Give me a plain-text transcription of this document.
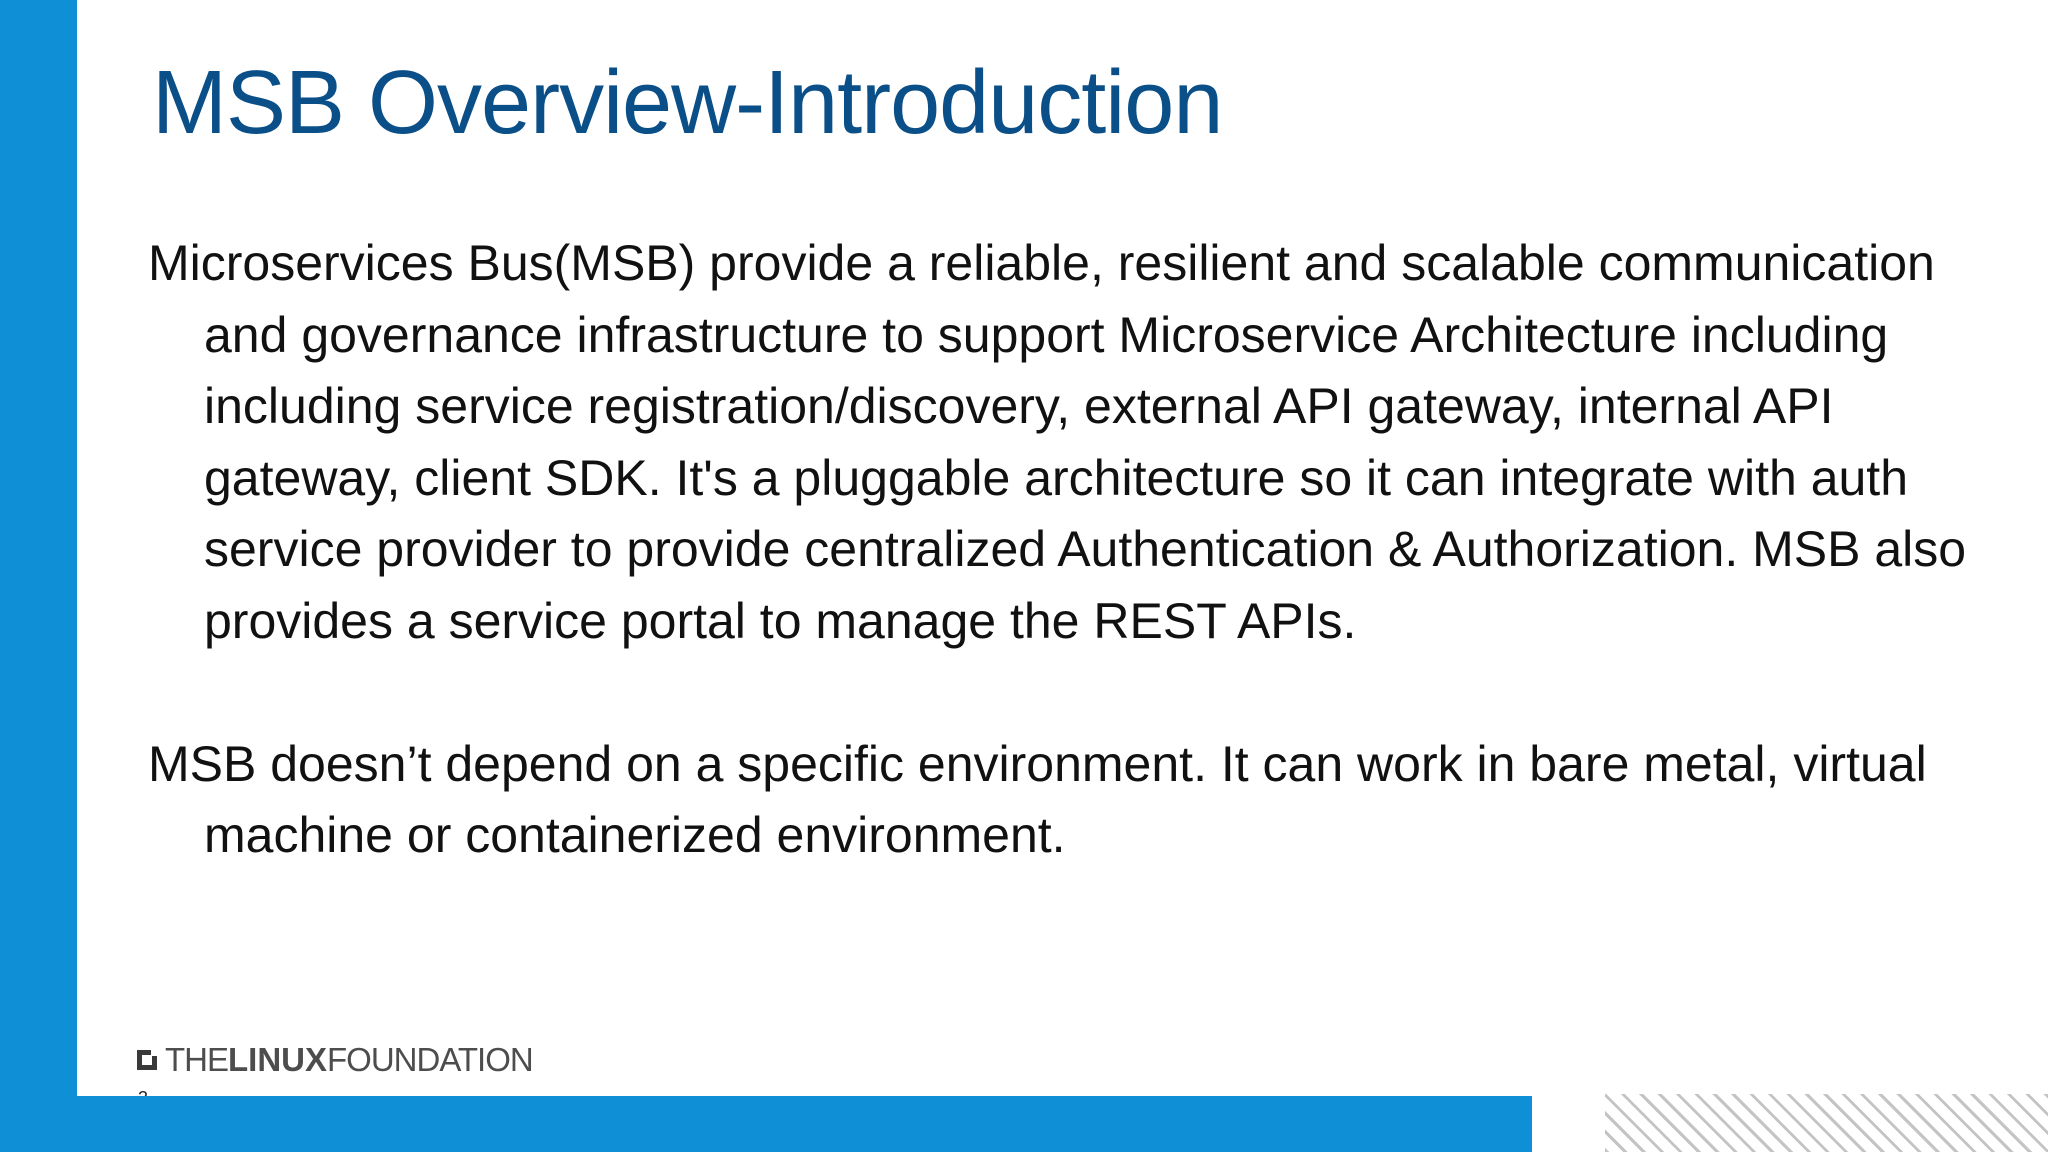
MSB Overview-Introduction

Microservices Bus(MSB) provide a reliable, resilient and scalable communication and governance infrastructure to support Microservice Architecture including including service registration/discovery, external API gateway, internal API gateway, client SDK. It's a pluggable architecture so it can integrate with auth service provider to provide centralized Authentication & Authorization. MSB also provides a service portal to manage the REST APIs.

MSB doesn’t depend on a specific environment. It can work in bare metal, virtual machine or containerized environment.

THE LINUX FOUNDATION
